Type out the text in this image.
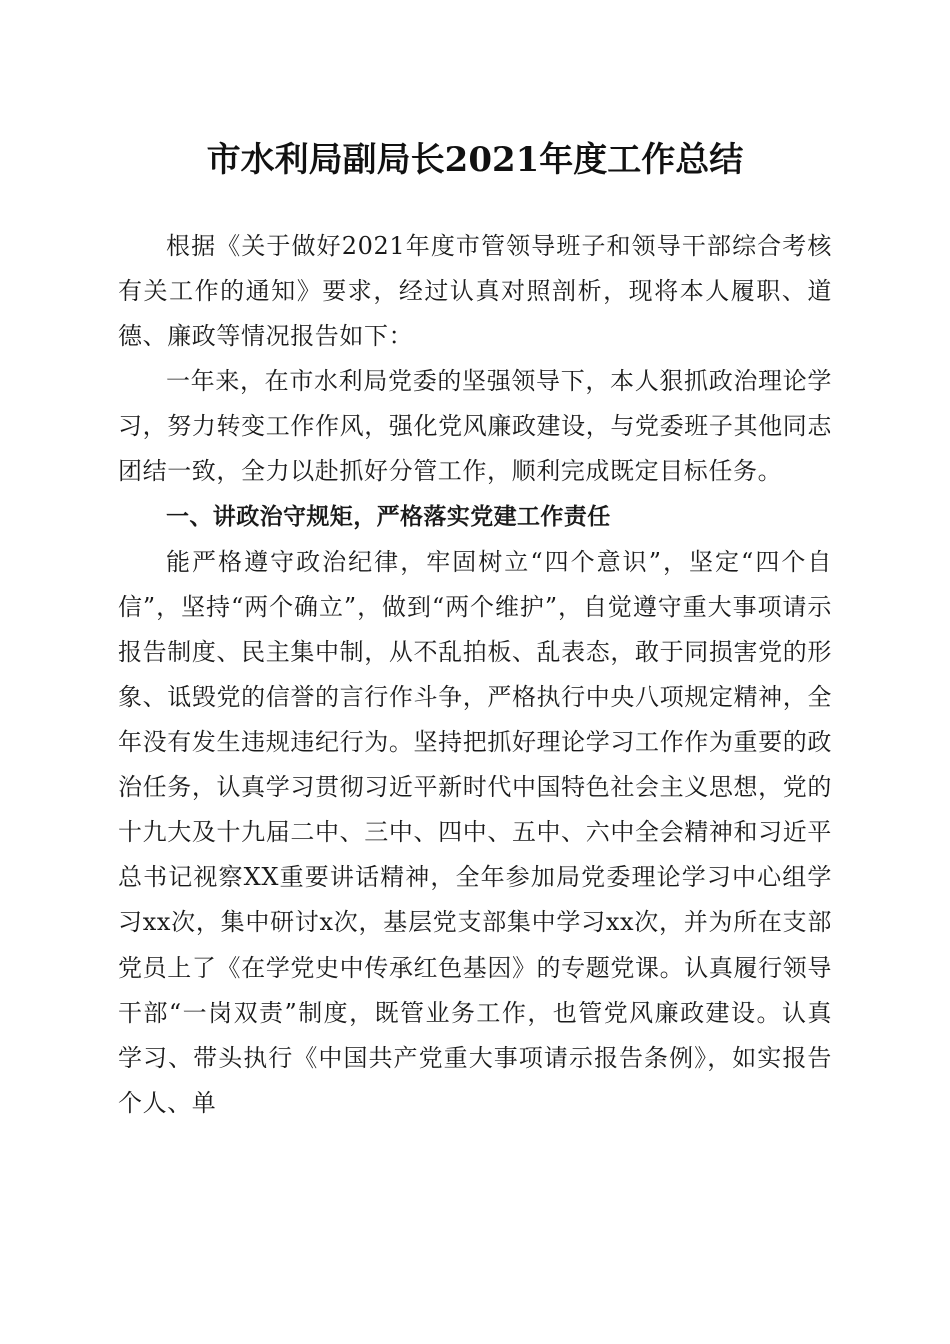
市水利局副局长2021年度工作总结

根据《关于做好2021年度市管领导班子和领导干部综合考核有关工作的通知》要求，经过认真对照剖析，现将本人履职、道德、廉政等情况报告如下：

一年来，在市水利局党委的坚强领导下，本人狠抓政治理论学习，努力转变工作作风，强化党风廉政建设，与党委班子其他同志团结一致，全力以赴抓好分管工作，顺利完成既定目标任务。

一、讲政治守规矩，严格落实党建工作责任

能严格遵守政治纪律，牢固树立“四个意识”，坚定“四个自信”，坚持“两个确立”，做到“两个维护”，自觉遵守重大事项请示报告制度、民主集中制，从不乱拍板、乱表态，敢于同损害党的形象、诋毁党的信誉的言行作斗争，严格执行中央八项规定精神，全年没有发生违规违纪行为。坚持把抓好理论学习工作作为重要的政治任务，认真学习贯彻习近平新时代中国特色社会主义思想，党的十九大及十九届二中、三中、四中、五中、六中全会精神和习近平总书记视察XX重要讲话精神，全年参加局党委理论学习中心组学习xx次，集中研讨x次，基层党支部集中学习xx次，并为所在支部党员上了《在学党史中传承红色基因》的专题党课。认真履行领导干部“一岗双责”制度，既管业务工作，也管党风廉政建设。认真学习、带头执行《中国共产党重大事项请示报告条例》，如实报告个人、单
